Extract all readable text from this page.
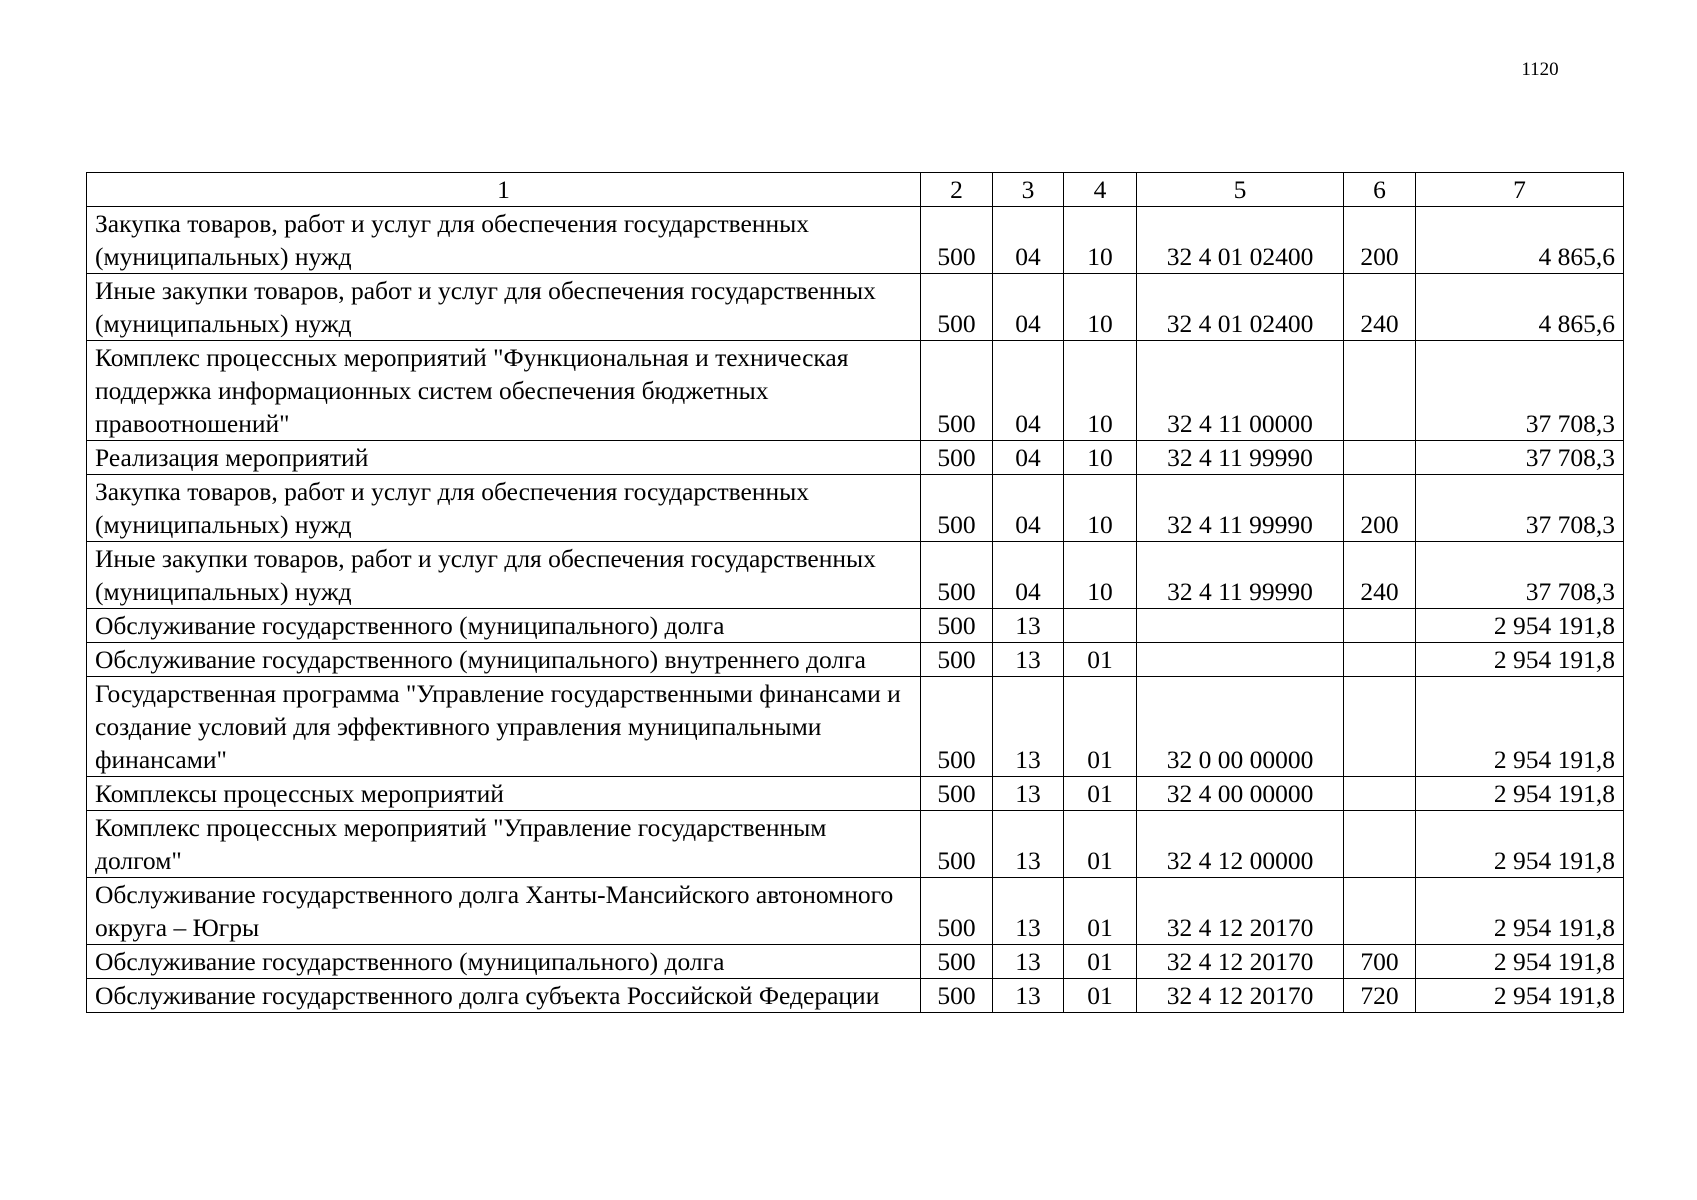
1120
1	2	3	4	5	6	7
Закупка товаров, работ и услуг для обеспечения государственных (муниципальных) нужд	500	04	10	32 4 01 02400	200	4 865,6
Иные закупки товаров, работ и услуг для обеспечения государственных (муниципальных) нужд	500	04	10	32 4 01 02400	240	4 865,6
Комплекс процессных мероприятий "Функциональная и техническая поддержка информационных систем обеспечения бюджетных правоотношений"	500	04	10	32 4 11 00000		37 708,3
Реализация мероприятий	500	04	10	32 4 11 99990		37 708,3
Закупка товаров, работ и услуг для обеспечения государственных (муниципальных) нужд	500	04	10	32 4 11 99990	200	37 708,3
Иные закупки товаров, работ и услуг для обеспечения государственных (муниципальных) нужд	500	04	10	32 4 11 99990	240	37 708,3
Обслуживание государственного (муниципального) долга	500	13				2 954 191,8
Обслуживание государственного (муниципального) внутреннего долга	500	13	01			2 954 191,8
Государственная программа "Управление государственными финансами и создание условий для эффективного управления муниципальными финансами"	500	13	01	32 0 00 00000		2 954 191,8
Комплексы процессных мероприятий	500	13	01	32 4 00 00000		2 954 191,8
Комплекс процессных мероприятий "Управление государственным долгом"	500	13	01	32 4 12 00000		2 954 191,8
Обслуживание государственного долга Ханты-Мансийского автономного округа – Югры	500	13	01	32 4 12 20170		2 954 191,8
Обслуживание государственного (муниципального) долга	500	13	01	32 4 12 20170	700	2 954 191,8
Обслуживание государственного долга субъекта Российской Федерации	500	13	01	32 4 12 20170	720	2 954 191,8
